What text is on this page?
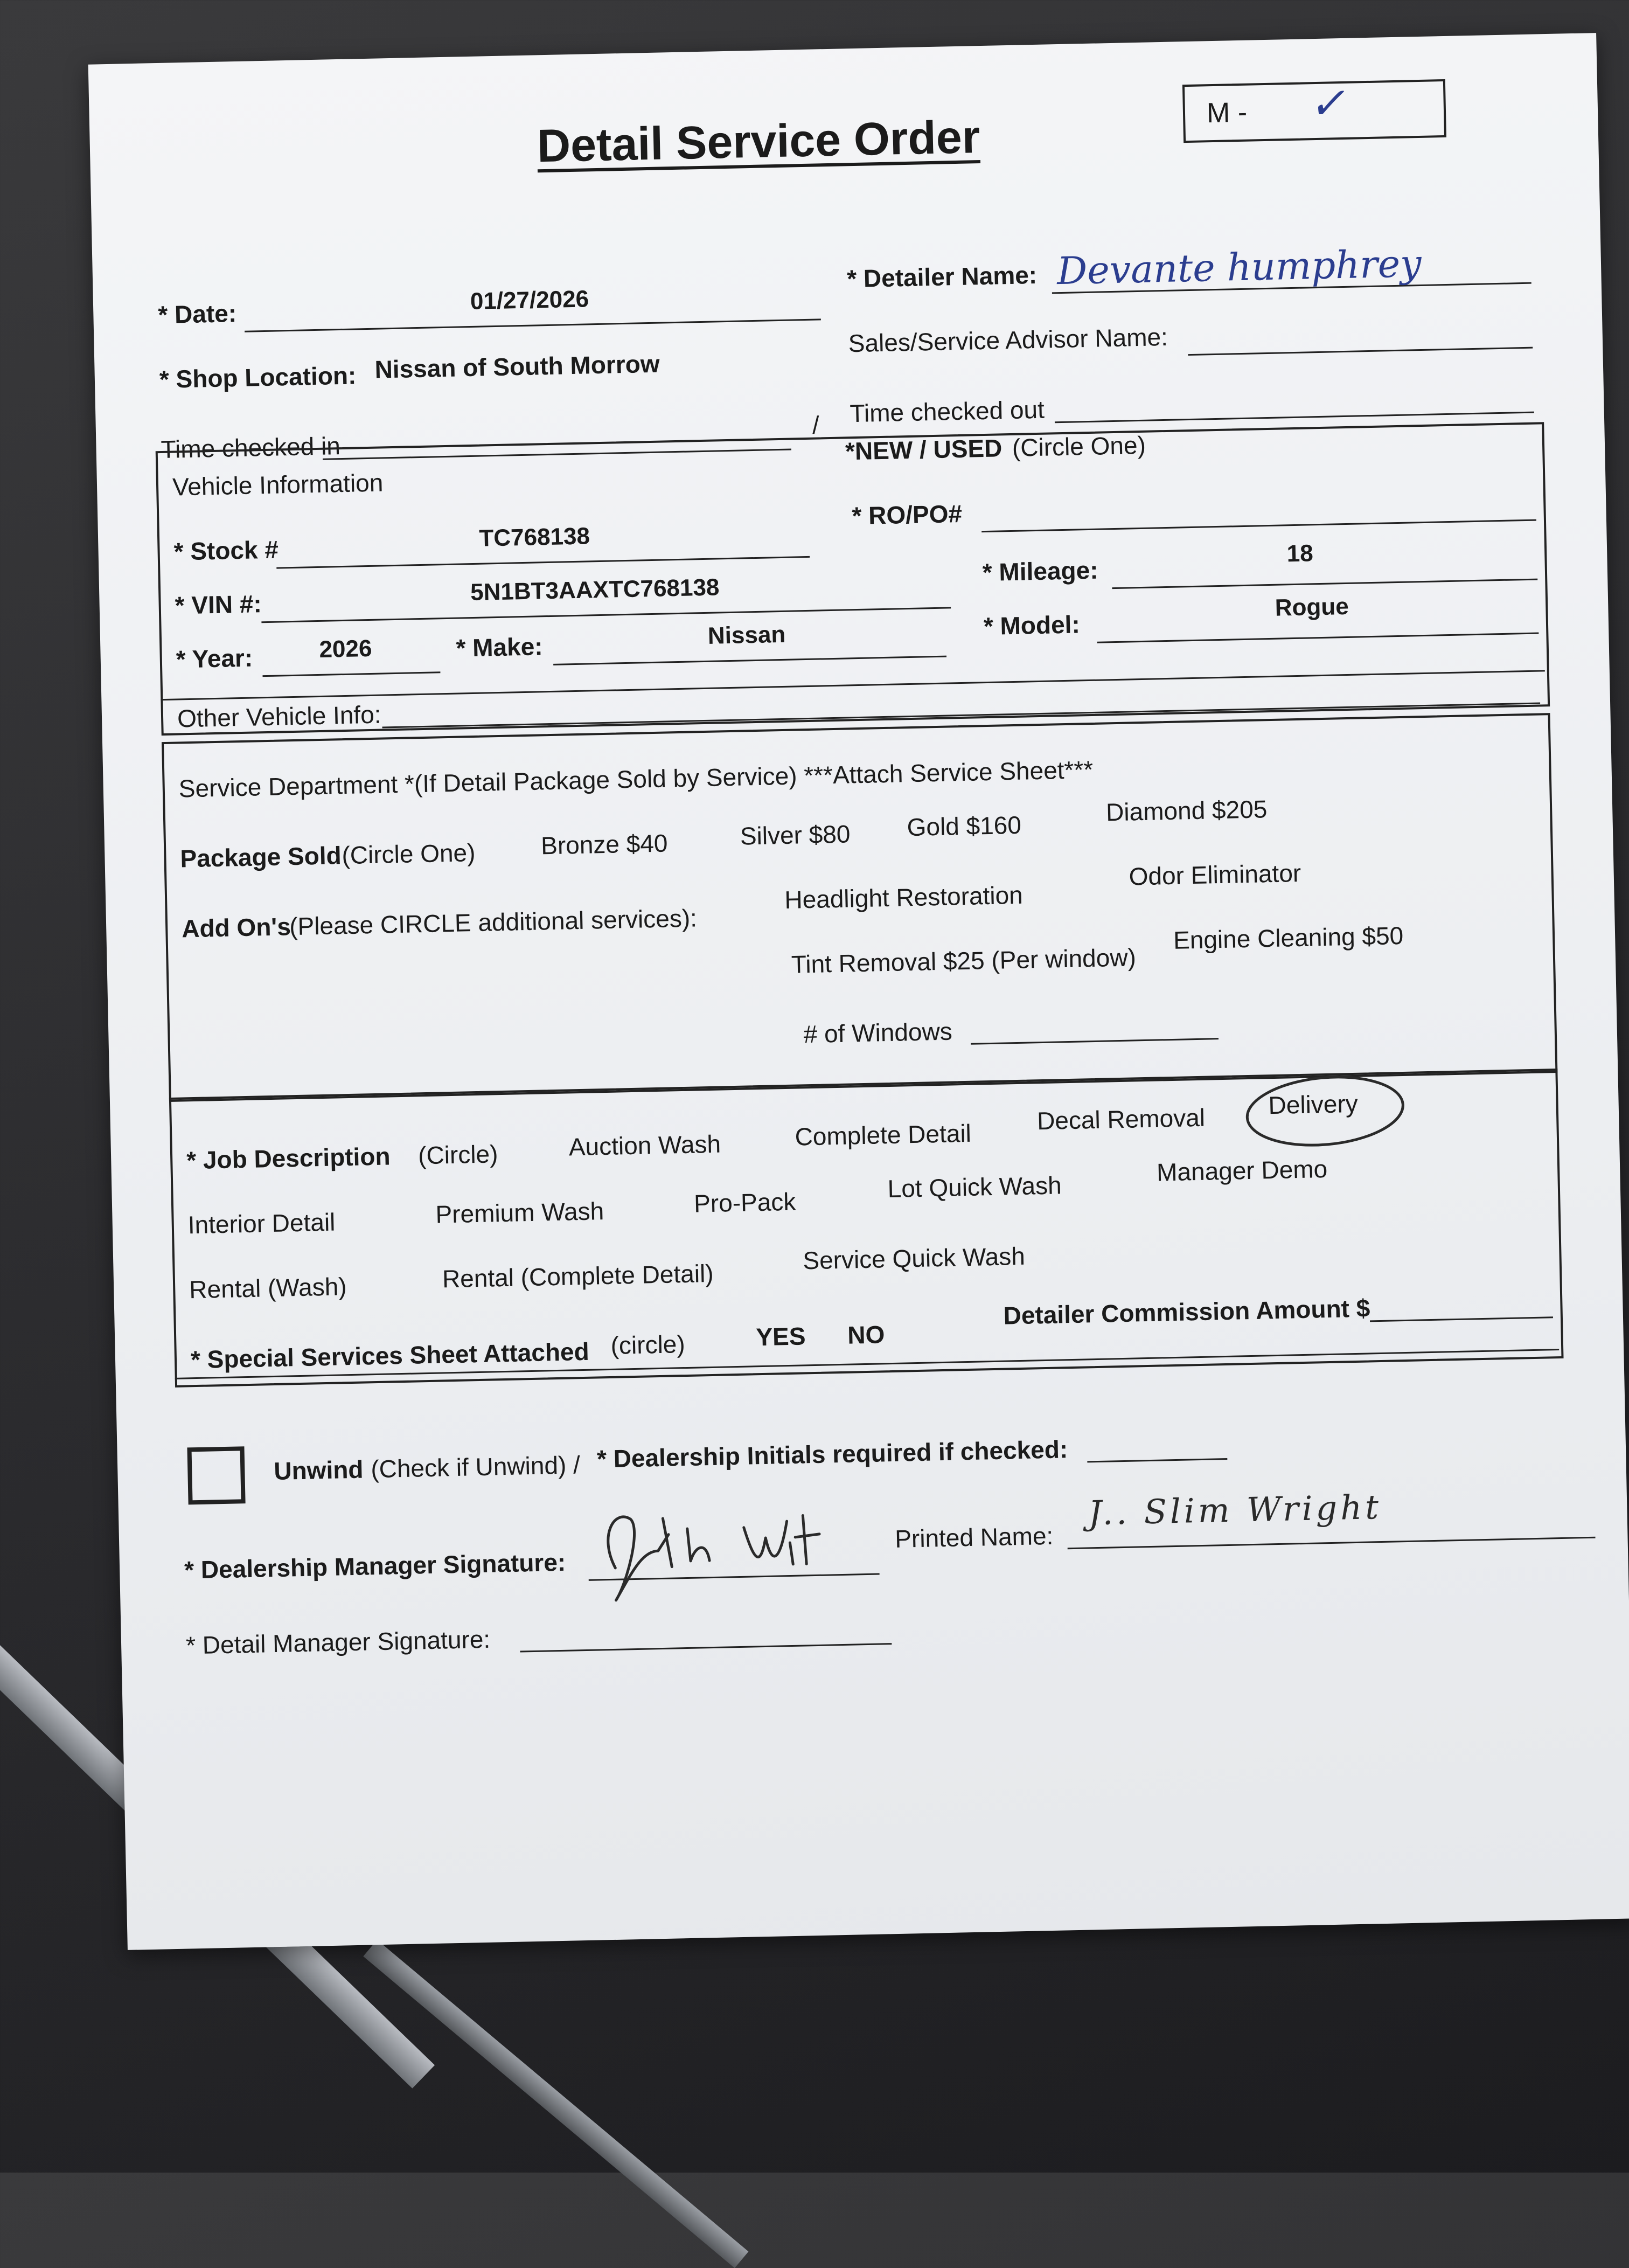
Detail Service Order	M - ✓
* Date:	01/27/2026
* Detailer Name: Devante humphrey
* Shop Location: Nissan of South Morrow
Sales/Service Advisor Name:
Time checked in
/ Time checked out
Vehicle Information
*NEW / USED (Circle One)
* Stock #	TC768138
* RO/PO#
* VIN #:	5N1BT3AAXTC768138
* Mileage:
18
* Model:
Rogue
* Year:	2026	* Make:	Nissan
Other Vehicle Info:
Service Department *(If Detail Package Sold by Service) ***Attach Service Sheet***
Package Sold (Circle One)	Bronze $40	Silver $80 Gold $160	Diamond $205
Add On's
(Please CIRCLE additional services):
Headlight Restoration
Odor Eliminator
Tint Removal $25 (Per window)
Engine Cleaning $50
# of Windows
* Job Description (Circle)	Auction Wash	Complete Detail	Decal Removal	Delivery
Interior Detail	Premium Wash	Pro-Pack	Lot Quick Wash
Manager Demo
Rental (Wash)	Rental (Complete Detail)
Service Quick Wash
* Special Services Sheet Attached (circle)	YES NO
Detailer Commission Amount $
Unwind (Check if Unwind) / * Dealership Initials required if checked:
* Dealership Manager Signature:
Printed Name:
J.. Slim Wright
* Detail Manager Signature:
